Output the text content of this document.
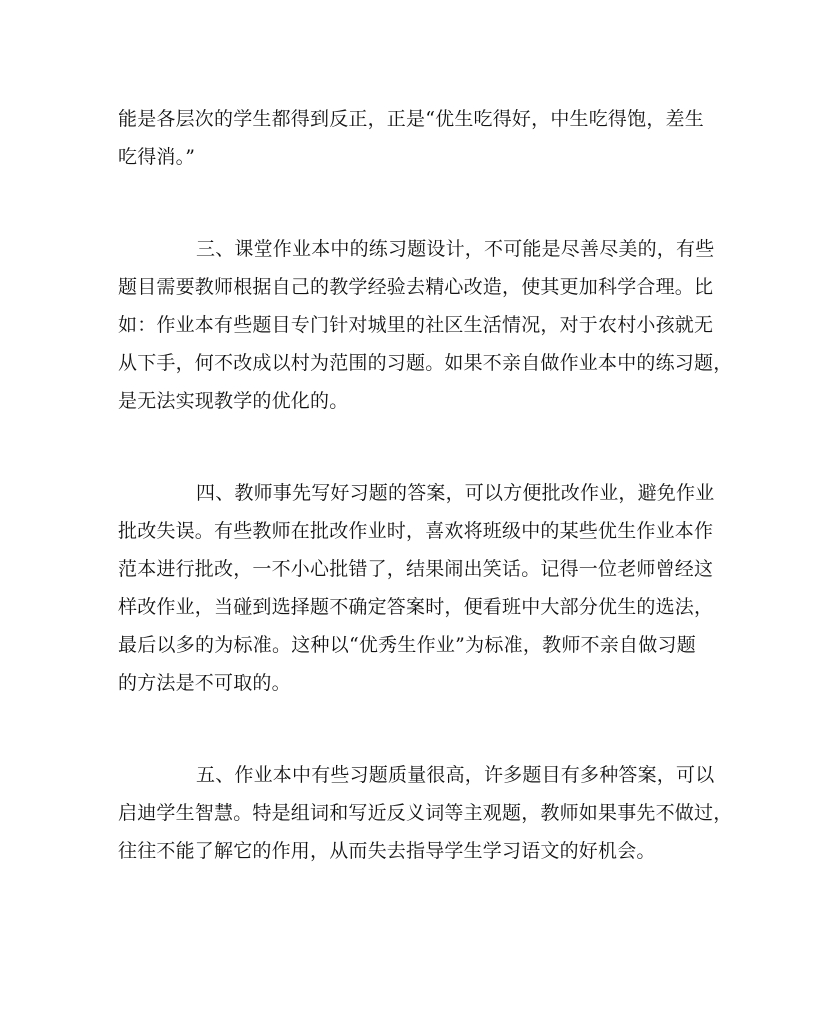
能是各层次的学生都得到反正，正是“优生吃得好，中生吃得饱，差生
吃得消。”
三、课堂作业本中的练习题设计，不可能是尽善尽美的，有些
题目需要教师根据自己的教学经验去精心改造，使其更加科学合理。比
如：作业本有些题目专门针对城里的社区生活情况，对于农村小孩就无
从下手，何不改成以村为范围的习题。如果不亲自做作业本中的练习题，
是无法实现教学的优化的。
四、教师事先写好习题的答案，可以方便批改作业，避免作业
批改失误。有些教师在批改作业时，喜欢将班级中的某些优生作业本作
范本进行批改，一不小心批错了，结果闹出笑话。记得一位老师曾经这
样改作业，当碰到选择题不确定答案时，便看班中大部分优生的选法，
最后以多的为标准。这种以“优秀生作业”为标准，教师不亲自做习题
的方法是不可取的。
五、作业本中有些习题质量很高，许多题目有多种答案，可以
启迪学生智慧。特是组词和写近反义词等主观题，教师如果事先不做过，
往往不能了解它的作用，从而失去指导学生学习语文的好机会。
